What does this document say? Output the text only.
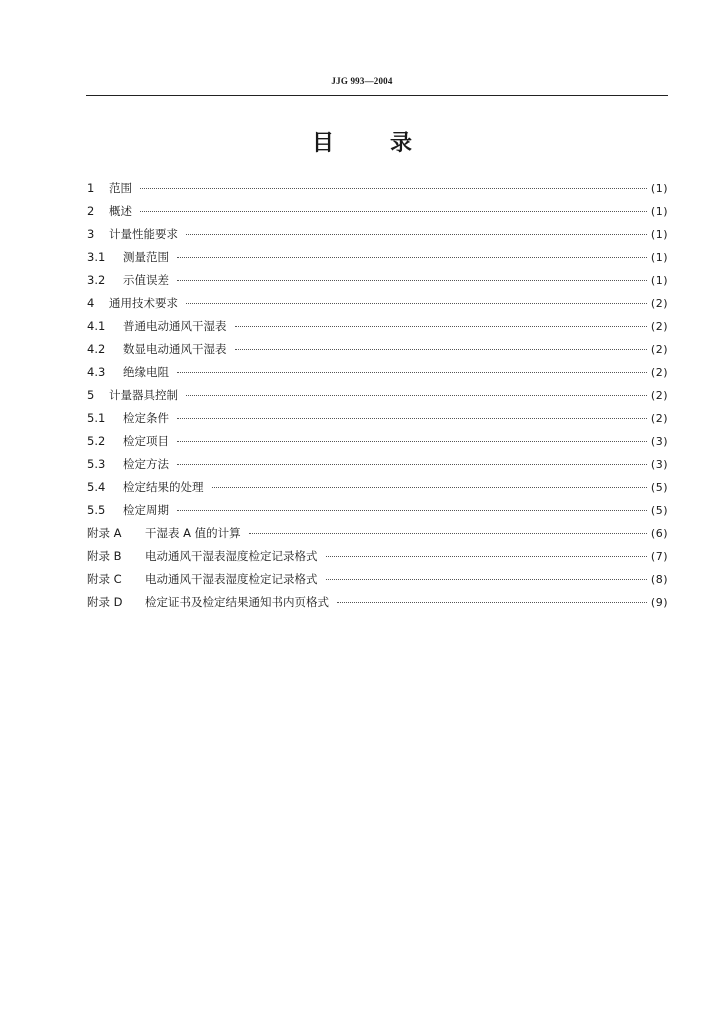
JJG 993—2004
目录
1	范围	(1)
2	概述	(1)
3	计量性能要求	(1)
3.1	测量范围	(1)
3.2	示值误差	(1)
4	通用技术要求	(2)
4.1	普通电动通风干湿表	(2)
4.2	数显电动通风干湿表	(2)
4.3	绝缘电阻	(2)
5	计量器具控制	(2)
5.1	检定条件	(2)
5.2	检定项目	(3)
5.3	检定方法	(3)
5.4	检定结果的处理	(5)
5.5	检定周期	(5)
附录 A	干湿表 A 值的计算	(6)
附录 B	电动通风干湿表湿度检定记录格式	(7)
附录 C	电动通风干湿表湿度检定记录格式	(8)
附录 D	检定证书及检定结果通知书内页格式	(9)
